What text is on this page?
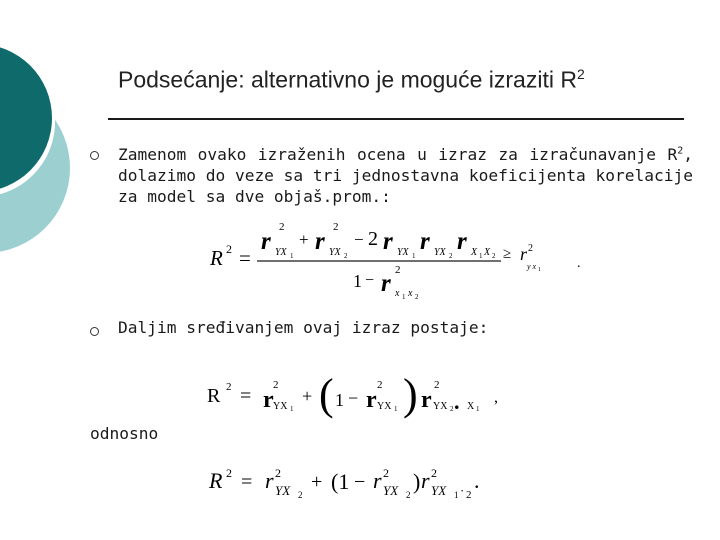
Podsećanje: alternativno je moguće izraziti $R^2$
Zamenom ovako izraženih ocena u izraz za izračunavanje $R^2$, dolazimo do veze sa tri jednostavna koeficijenta korelacije za model sa dve objaš.prom.:
R 2 =
r
2
YX 1
+ r
2
YX 2
− 2 r YX 1
r YX 2
r X 1 X 2 ≥ r 2
y x 1	.
1 − r 2
x 1 x 2
Daljim sređivanjem ovaj izraz postaje:
R 2 = r
2
YX 1
+ ( 1 − r
2
YX 1 ) r
2
YX 2 . X 1
,
odnosno
R 2 = r 2
YX 2
+ (1 − r 2
YX 2
) r 2
YX 1 · 2
.
